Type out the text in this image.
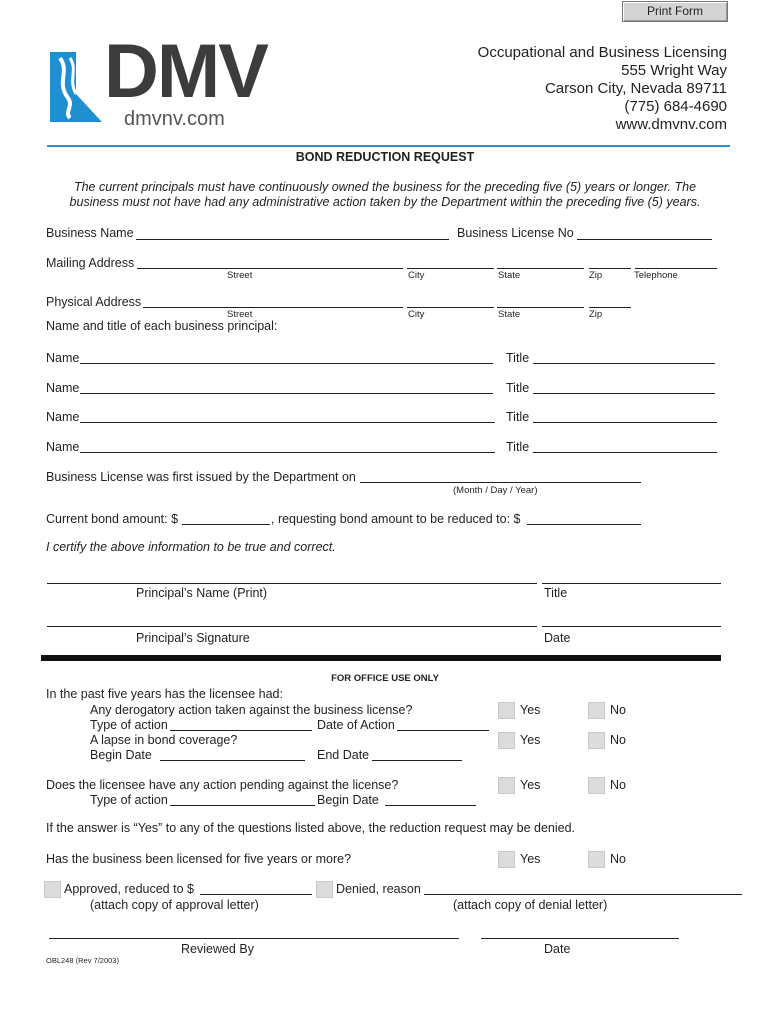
Print Form
DMV
dmvnv.com
Occupational and Business Licensing
555 Wright Way
Carson City, Nevada 89711
(775) 684-4690
www.dmvnv.com
BOND REDUCTION REQUEST
The current principals must have continuously owned the business for the preceding five (5) years or longer. The
business must not have had any administrative action taken by the Department within the preceding five (5) years.
Business Name	Business License No
Mailing Address
Street	City	State	Zip	Telephone
Physical Address
Street	City	State	Zip
Name and title of each business principal:
Name	Title
Name	Title
Name	Title
Name	Title
Business License was first issued by the Department on
(Month / Day / Year)
Current bond amount: $	, requesting bond amount to be reduced to: $
I certify the above information to be true and correct.
Principal’s Name (Print)	Title
Principal’s Signature	Date
FOR OFFICE USE ONLY
In the past five years has the licensee had:
Any derogatory action taken against the business license?	Yes	No
Type of action	Date of Action
A lapse in bond coverage?	Yes	No
Begin Date	End Date
Does the licensee have any action pending against the license?	Yes	No
Type of action	Begin Date
If the answer is “Yes” to any of the questions listed above, the reduction request may be denied.
Has the business been licensed for five years or more?	Yes	No
Approved, reduced to $	Denied, reason
(attach copy of approval letter)	(attach copy of denial letter)
Reviewed By	Date
OBL248 (Rev 7/2003)
